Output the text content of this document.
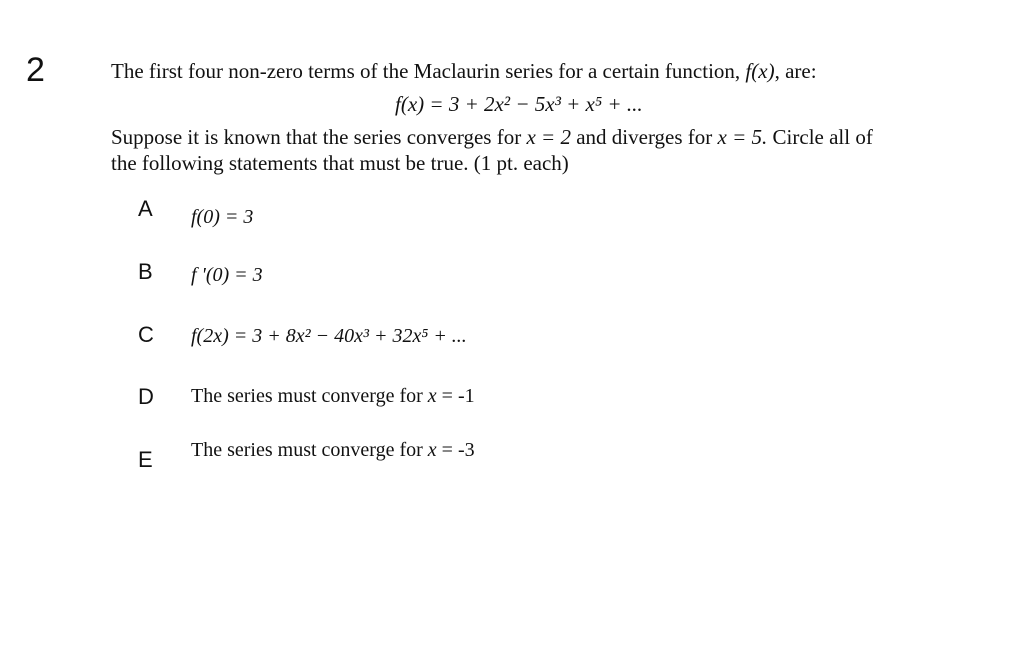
2	The first four non-zero terms of the Maclaurin series for a certain function, f(x), are:
f(x) = 3 + 2x² − 5x³ + x⁵ + ...
Suppose it is known that the series converges for x = 2 and diverges for x = 5. Circle all of
the following statements that must be true. (1 pt. each)
A f(0) = 3
B f '(0) = 3
C f(2x) = 3 + 8x² − 40x³ + 32x⁵ + ...
D The series must converge for x = -1
E The series must converge for x = -3
